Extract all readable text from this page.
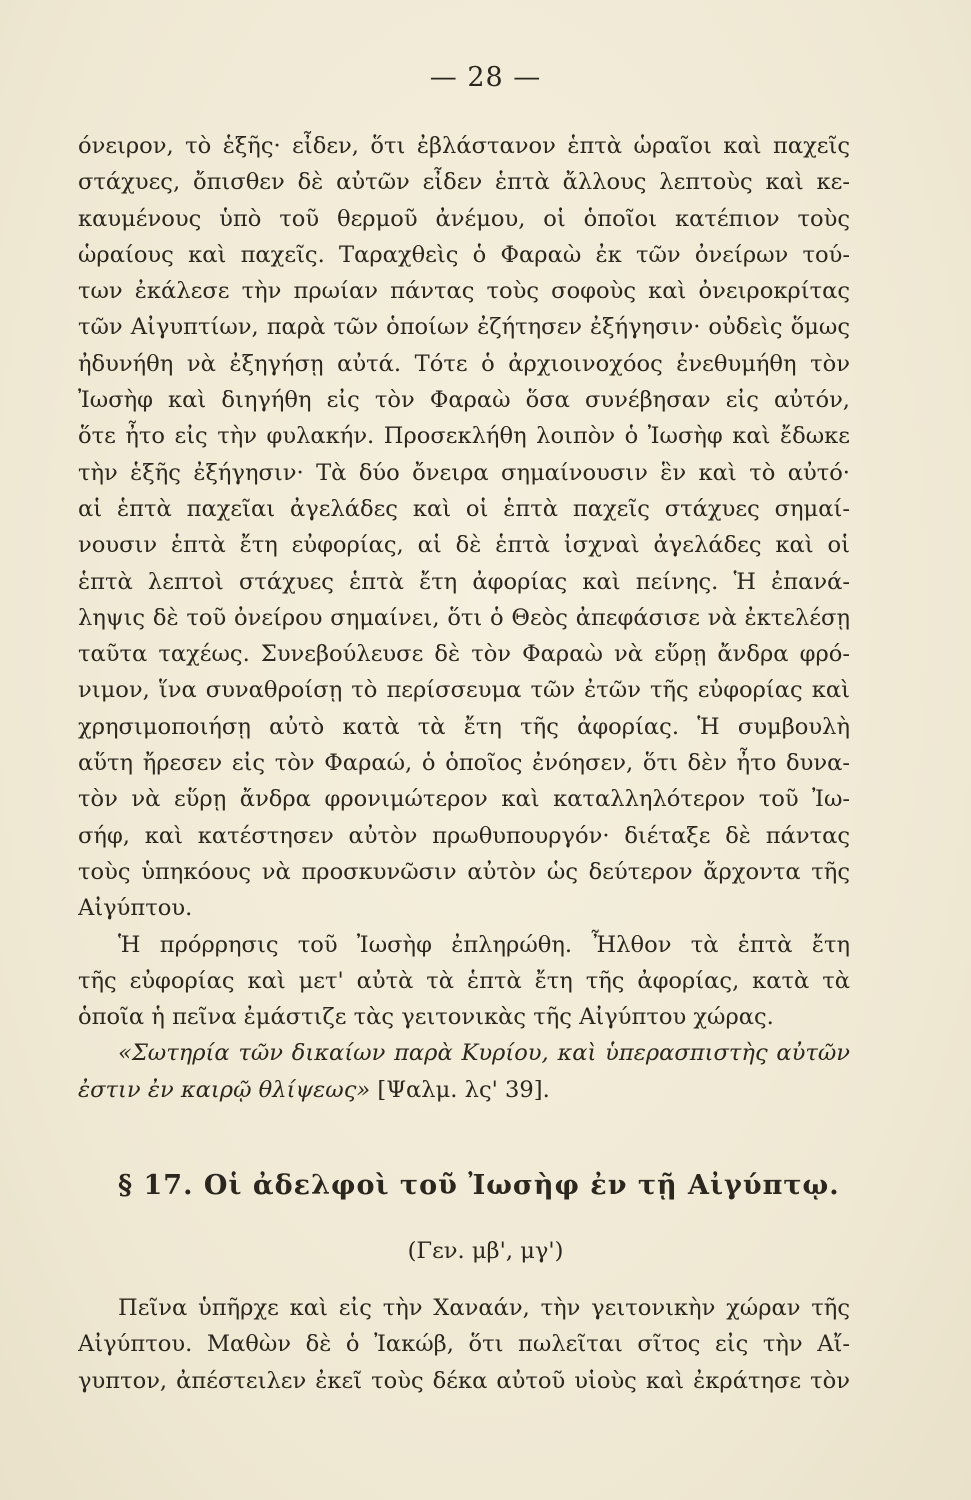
— 28 —
όνειρον, τὸ ἑξῆς· εἶδεν, ὅτι ἐβλάστανον ἑπτὰ ὡραῖοι καὶ παχεῖς
στάχυες, ὄπισθεν δὲ αὐτῶν εἶδεν ἑπτὰ ἄλλους λεπτοὺς καὶ κε-
καυμένους ὑπὸ τοῦ θερμοῦ ἀνέμου, οἱ ὁποῖοι κατέπιον τοὺς
ὡραίους καὶ παχεῖς. Ταραχθεὶς ὁ Φαραὼ ἐκ τῶν ὀνείρων τού-
των ἐκάλεσε τὴν πρωίαν πάντας τοὺς σοφοὺς καὶ ὀνειροκρίτας
τῶν Αἰγυπτίων, παρὰ τῶν ὁποίων ἐζήτησεν ἐξήγησιν· οὐδεὶς ὅμως
ἠδυνήθη νὰ ἐξηγήσῃ αὐτά. Τότε ὁ ἀρχιοινοχόος ἐνεθυμήθη τὸν
Ἰωσὴφ καὶ διηγήθη εἰς τὸν Φαραὼ ὅσα συνέβησαν εἰς αὐτόν,
ὅτε ἦτο εἰς τὴν φυλακήν. Προσεκλήθη λοιπὸν ὁ Ἰωσὴφ καὶ ἔδωκε
τὴν ἑξῆς ἐξήγησιν· Τὰ δύο ὄνειρα σημαίνουσιν ἓν καὶ τὸ αὐτό·
αἱ ἑπτὰ παχεῖαι ἀγελάδες καὶ οἱ ἑπτὰ παχεῖς στάχυες σημαί-
νουσιν ἑπτὰ ἔτη εὐφορίας, αἱ δὲ ἑπτὰ ἰσχναὶ ἀγελάδες καὶ οἱ
ἑπτὰ λεπτοὶ στάχυες ἑπτὰ ἔτη ἀφορίας καὶ πείνης. Ἡ ἐπανά-
ληψις δὲ τοῦ ὀνείρου σημαίνει, ὅτι ὁ Θεὸς ἀπεφάσισε νὰ ἐκτελέσῃ
ταῦτα ταχέως. Συνεβούλευσε δὲ τὸν Φαραὼ νὰ εὕρῃ ἄνδρα φρό-
νιμον, ἵνα συναθροίσῃ τὸ περίσσευμα τῶν ἐτῶν τῆς εὐφορίας καὶ
χρησιμοποιήσῃ αὐτὸ κατὰ τὰ ἔτη τῆς ἀφορίας. Ἡ συμβουλὴ
αὕτη ἤρεσεν εἰς τὸν Φαραώ, ὁ ὁποῖος ἐνόησεν, ὅτι δὲν ἦτο δυνα-
τὸν νὰ εὕρῃ ἄνδρα φρονιμώτερον καὶ καταλληλότερον τοῦ Ἰω-
σήφ, καὶ κατέστησεν αὐτὸν πρωθυπουργόν· διέταξε δὲ πάντας
τοὺς ὑπηκόους νὰ προσκυνῶσιν αὐτὸν ὡς δεύτερον ἄρχοντα τῆς
Αἰγύπτου.
Ἡ πρόρρησις τοῦ Ἰωσὴφ ἐπληρώθη. Ἦλθον τὰ ἑπτὰ ἔτη
τῆς εὐφορίας καὶ μετ' αὐτὰ τὰ ἑπτὰ ἔτη τῆς ἀφορίας, κατὰ τὰ
ὁποῖα ἡ πεῖνα ἐμάστιζε τὰς γειτονικὰς τῆς Αἰγύπτου χώρας.
«Σωτηρία τῶν δικαίων παρὰ Κυρίου, καὶ ὑπερασπιστὴς αὐτῶν
ἐστιν ἐν καιρῷ θλίψεως» [Ψαλμ. λς' 39].
§ 17. Οἱ ἀδελφοὶ τοῦ Ἰωσὴφ ἐν τῇ Αἰγύπτῳ.
(Γεν. μβ', μγ')
Πεῖνα ὑπῆρχε καὶ εἰς τὴν Χαναάν, τὴν γειτονικὴν χώραν τῆς
Αἰγύπτου. Μαθὼν δὲ ὁ Ἰακώβ, ὅτι πωλεῖται σῖτος εἰς τὴν Αἴ-
γυπτον, ἀπέστειλεν ἐκεῖ τοὺς δέκα αὐτοῦ υἱοὺς καὶ ἐκράτησε τὸν
